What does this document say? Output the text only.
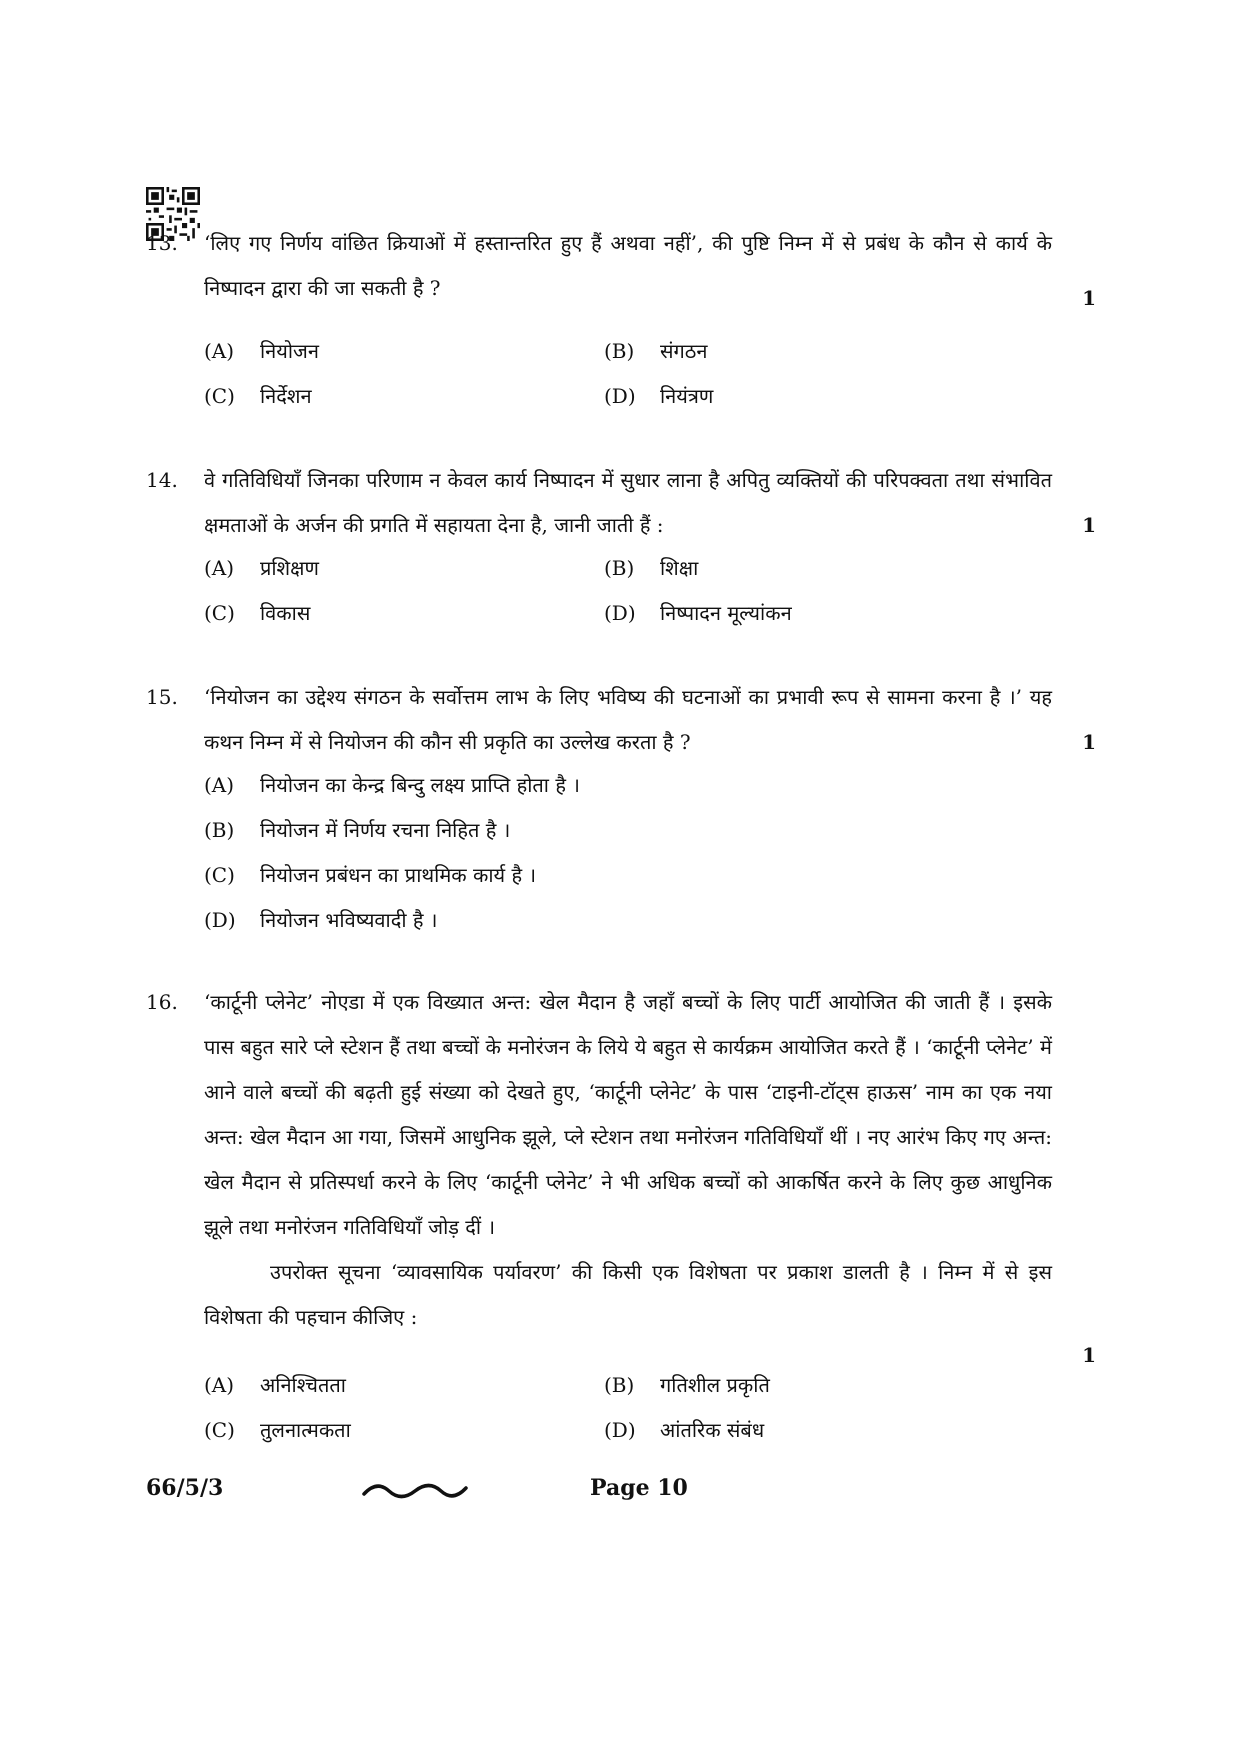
13. ‘लिए गए निर्णय वांछित क्रियाओं में हस्तान्तरित हुए हैं अथवा नहीं’, की पुष्टि निम्न में से प्रबंध के कौन से कार्य के निष्पादन द्वारा की जा सकती है ?	1
(A) नियोजन	(B) संगठन
(C) निर्देशन	(D) नियंत्रण
14. वे गतिविधियाँ जिनका परिणाम न केवल कार्य निष्पादन में सुधार लाना है अपितु व्यक्तियों की परिपक्वता तथा संभावित क्षमताओं के अर्जन की प्रगति में सहायता देना है, जानी जाती हैं :	1
(A) प्रशिक्षण	(B) शिक्षा
(C) विकास	(D) निष्पादन मूल्यांकन
15. ‘नियोजन का उद्देश्य संगठन के सर्वोत्तम लाभ के लिए भविष्य की घटनाओं का प्रभावी रूप से सामना करना है ।’ यह कथन निम्न में से नियोजन की कौन सी प्रकृति का उल्लेख करता है ?	1
(A) नियोजन का केन्द्र बिन्दु लक्ष्य प्राप्ति होता है ।
(B) नियोजन में निर्णय रचना निहित है ।
(C) नियोजन प्रबंधन का प्राथमिक कार्य है ।
(D) नियोजन भविष्यवादी है ।
16. ‘कार्टूनी प्लेनेट’ नोएडा में एक विख्यात अन्त: खेल मैदान है जहाँ बच्चों के लिए पार्टी आयोजित की जाती हैं । इसके पास बहुत सारे प्ले स्टेशन हैं तथा बच्चों के मनोरंजन के लिये ये बहुत से कार्यक्रम आयोजित करते हैं । ‘कार्टूनी प्लेनेट’ में आने वाले बच्चों की बढ़ती हुई संख्या को देखते हुए, ‘कार्टूनी प्लेनेट’ के पास ‘टाइनी-टॉट्स हाऊस’ नाम का एक नया अन्त: खेल मैदान आ गया, जिसमें आधुनिक झूले, प्ले स्टेशन तथा मनोरंजन गतिविधियाँ थीं । नए आरंभ किए गए अन्त: खेल मैदान से प्रतिस्पर्धा करने के लिए ‘कार्टूनी प्लेनेट’ ने भी अधिक बच्चों को आकर्षित करने के लिए कुछ आधुनिक झूले तथा मनोरंजन गतिविधियाँ जोड़ दीं ।

उपरोक्त सूचना ‘व्यावसायिक पर्यावरण’ की किसी एक विशेषता पर प्रकाश डालती है । निम्न में से इस विशेषता की पहचान कीजिए :

1
(A) अनिश्चितता	(B) गतिशील प्रकृति
(C) तुलनात्मकता	(D) आंतरिक संबंध
66/5/3	Page 10
